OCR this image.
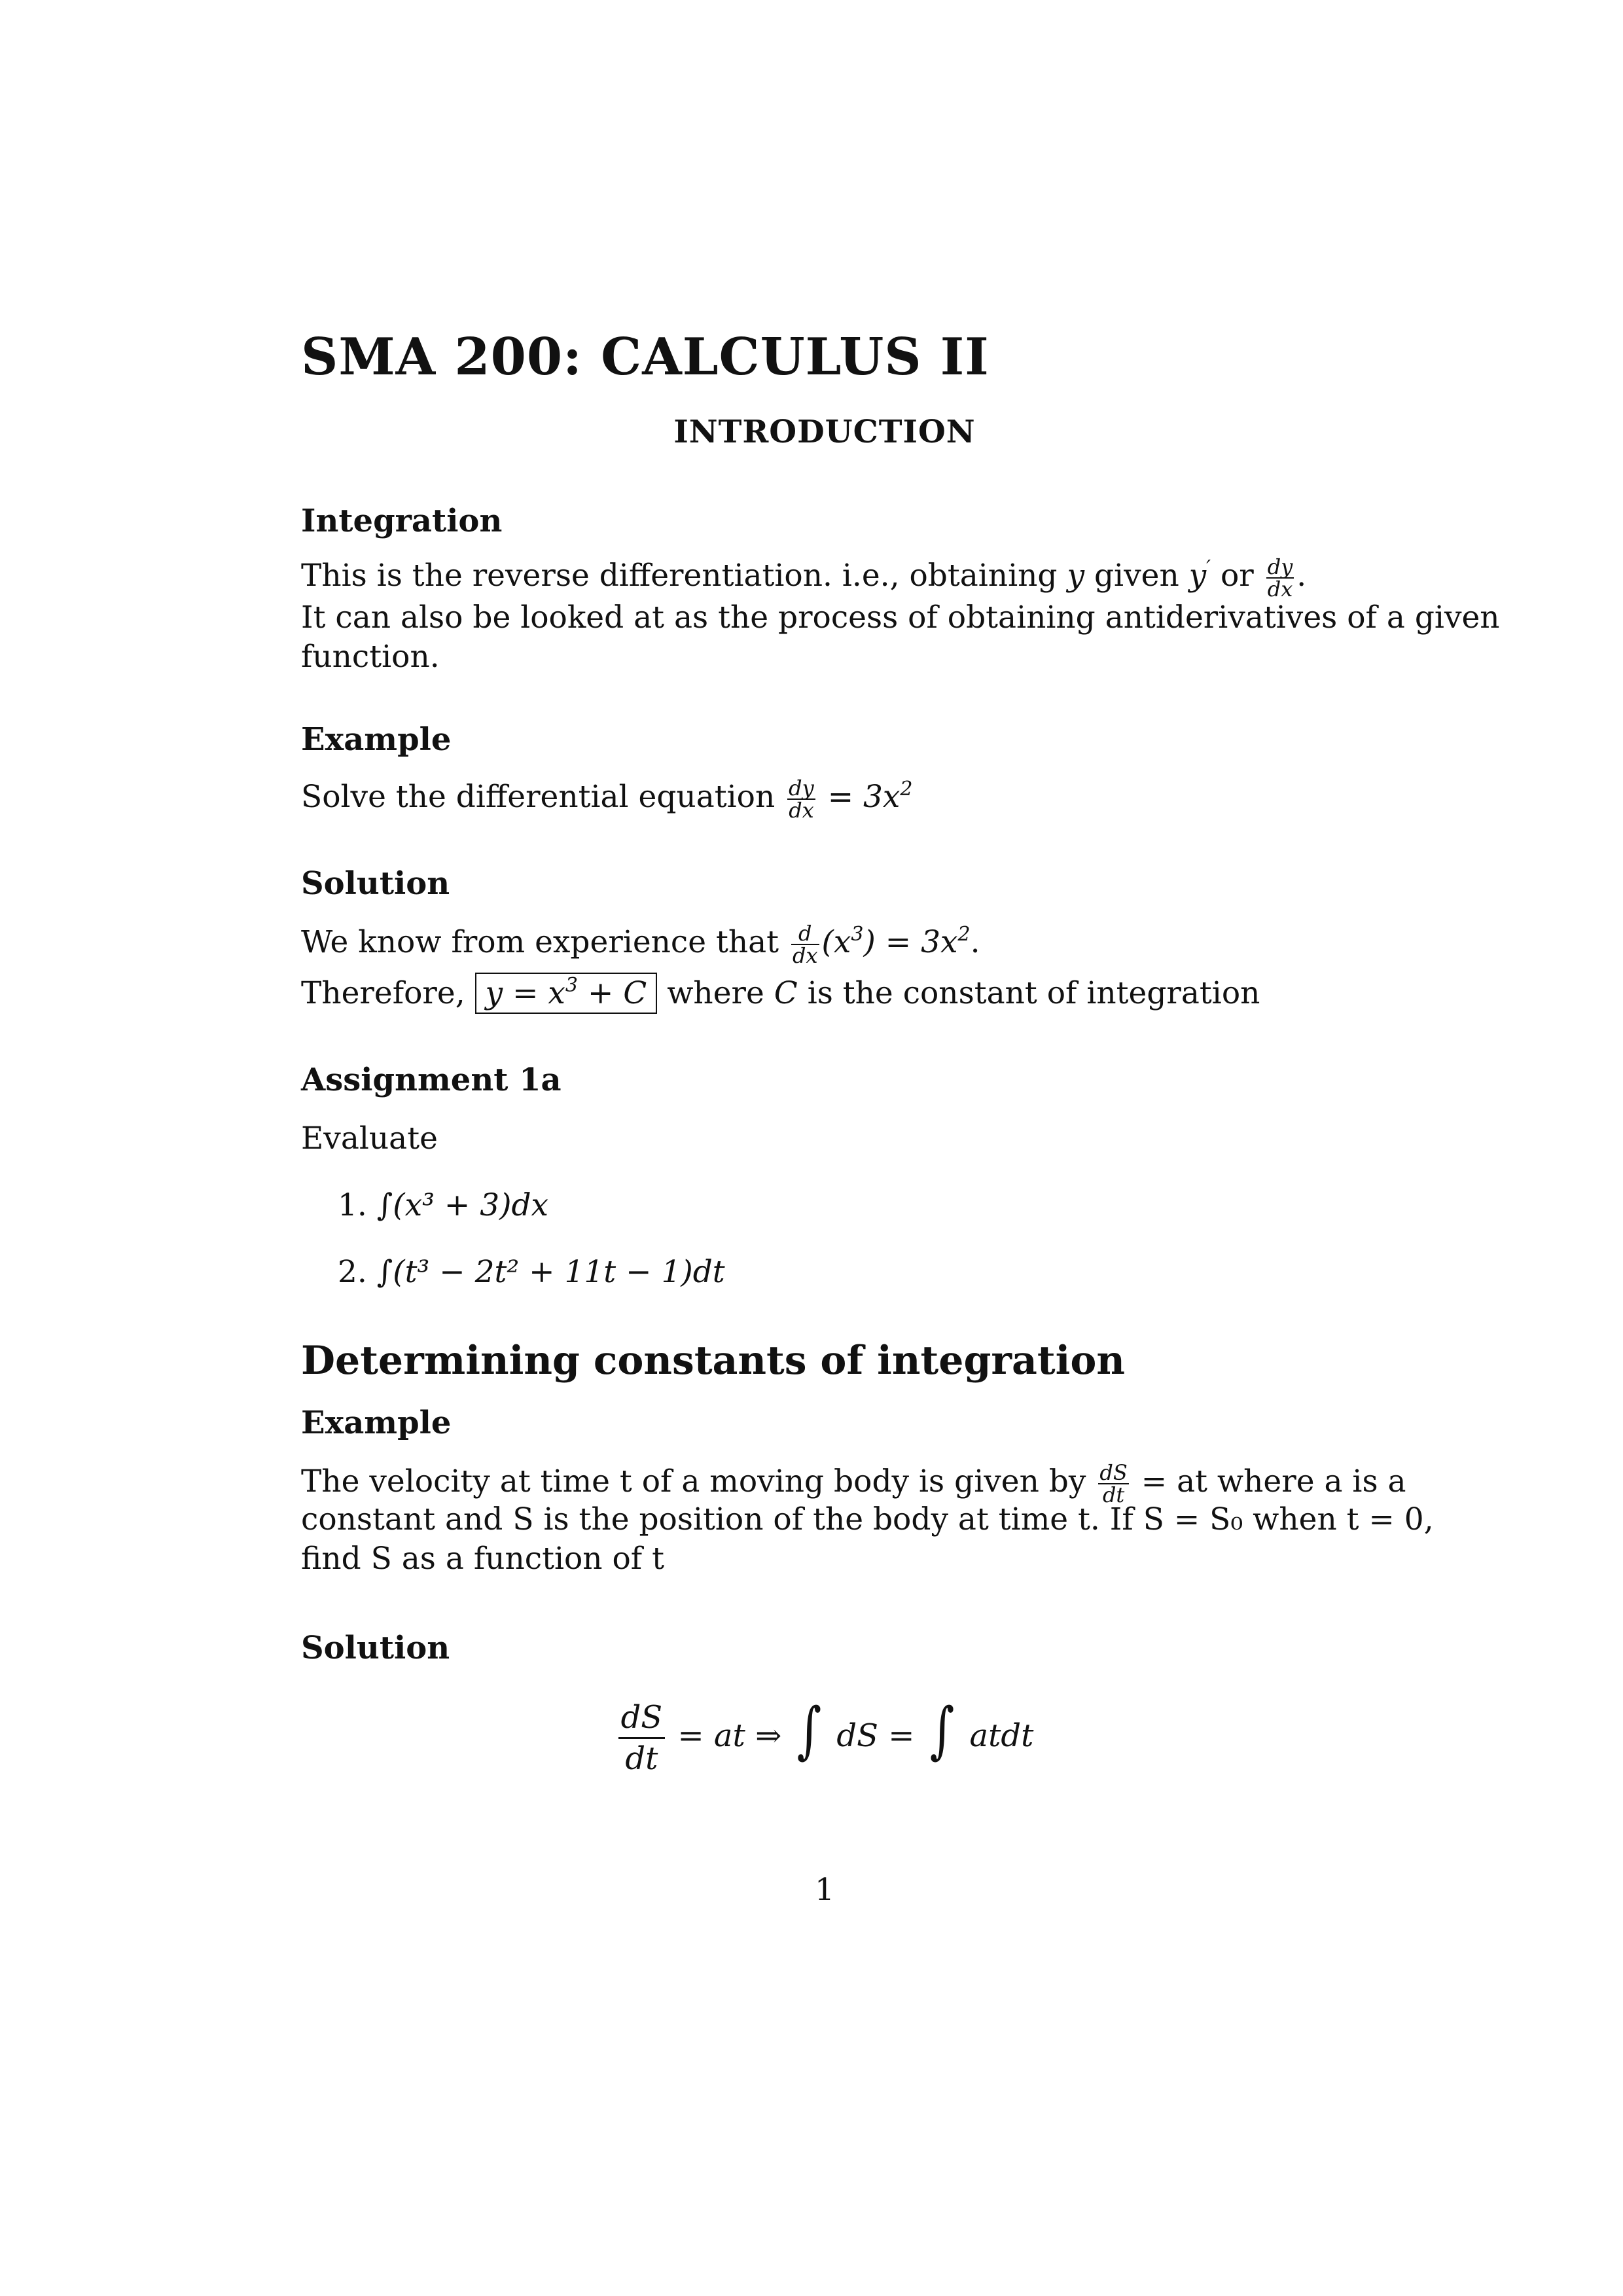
SMA 200: CALCULUS II
INTRODUCTION
Integration
This is the reverse differentiation. i.e., obtaining y given y′ or $\frac{dy}{dx}$ .
It can also be looked at as the process of obtaining antiderivatives of a given
function.
Example
Solve the differential equation $\frac{dy}{dx} = 3x^2$
Solution
We know from experience that $\frac{d}{dx} (x^3) = 3x^2$.
Therefore, $y = x^3 + C$ where C is the constant of integration
Assignment 1a
Evaluate
1. ∫(x³ + 3)dx
2. ∫(t³ − 2t² + 11t − 1)dt
Determining constants of integration
Example
The velocity at time t of a moving body is given by $\frac{dS}{dt}$ = at where a is a
constant and S is the position of the body at time t. If S = S₀ when t = 0,
find S as a function of t
Solution
$\frac{dS}{dt}$ = at ⇒ ∫ dS = ∫ atdt
1
